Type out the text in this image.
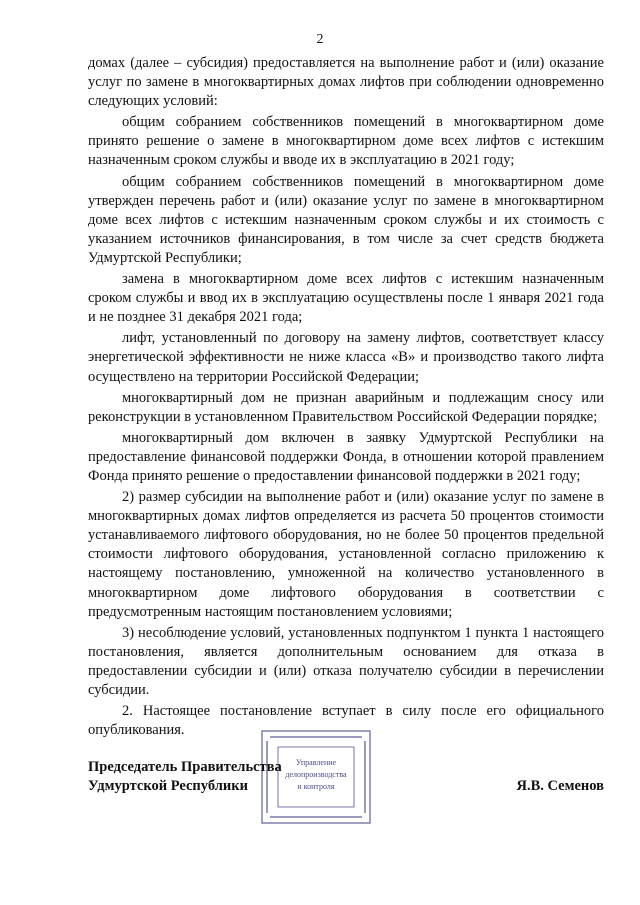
2

домах (далее – субсидия) предоставляется на выполнение работ и (или) оказание услуг по замене в многоквартирных домах лифтов при соблюдении одновременно следующих условий:

общим собранием собственников помещений в многоквартирном доме принято решение о замене в многоквартирном доме всех лифтов с истекшим назначенным сроком службы и вводе их в эксплуатацию в 2021 году;

общим собранием собственников помещений в многоквартирном доме утвержден перечень работ и (или) оказание услуг по замене в многоквартирном доме всех лифтов с истекшим назначенным сроком службы и их стоимость с указанием источников финансирования, в том числе за счет средств бюджета Удмуртской Республики;

замена в многоквартирном доме всех лифтов с истекшим назначенным сроком службы и ввод их в эксплуатацию осуществлены после 1 января 2021 года и не позднее 31 декабря 2021 года;

лифт, установленный по договору на замену лифтов, соответствует классу энергетической эффективности не ниже класса «В» и производство такого лифта осуществлено на территории Российской Федерации;

многоквартирный дом не признан аварийным и подлежащим сносу или реконструкции в установленном Правительством Российской Федерации порядке;

многоквартирный дом включен в заявку Удмуртской Республики на предоставление финансовой поддержки Фонда, в отношении которой правлением Фонда принято решение о предоставлении финансовой поддержки в 2021 году;

2) размер субсидии на выполнение работ и (или) оказание услуг по замене в многоквартирных домах лифтов определяется из расчета 50 процентов стоимости устанавливаемого лифтового оборудования, но не более 50 процентов предельной стоимости лифтового оборудования, установленной согласно приложению к настоящему постановлению, умноженной на количество установленного в многоквартирном доме лифтового оборудования в соответствии с предусмотренным настоящим постановлением условиями;

3) несоблюдение условий, установленных подпунктом 1 пункта 1 настоящего постановления, является дополнительным основанием для отказа в предоставлении субсидии и (или) отказа получателю субсидии в перечислении субсидии.

2. Настоящее постановление вступает в силу после его официального опубликования.

Управление
делопроизводства
и контроля
Председатель Правительства
Удмуртской Республики	Я.В. Семенов
